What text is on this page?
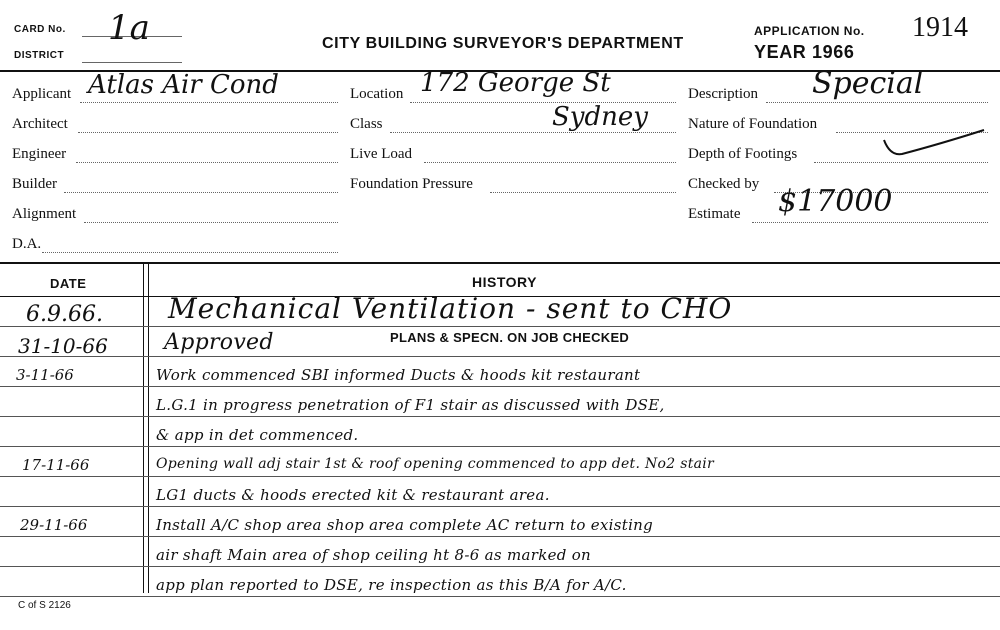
CARD No. 1a
DISTRICT
CITY BUILDING SURVEYOR'S DEPARTMENT
APPLICATION No. 1914
YEAR 1966
Applicant Atlas Air Cond
Architect
Engineer
Builder
Alignment
D.A.
Location 172 George St
Sydney
Class
Live Load
Foundation Pressure
Description Special
Nature of Foundation
Depth of Footings
Checked by
Estimate $17000
DATE	HISTORY
6.9.66. Mechanical Ventilation - sent to CHO
31-10-66	Approved	PLANS & SPECN. ON JOB CHECKED
3-11-66	Work commenced SBI informed Ducts & hoods kit restaurant
L.G.1 in progress penetration of F1 stair as discussed with DSE,
& app in det commenced.
17-11-66	Opening wall adj stair 1st & roof opening commenced to app det. No2 stair
LG1 ducts & hoods erected kit & restaurant area.
29-11-66	Install A/C shop area shop area complete AC return to existing
air shaft Main area of shop ceiling ht 8-6 as marked on
app plan reported to DSE, re inspection as this B/A for A/C.
C of S 2126
